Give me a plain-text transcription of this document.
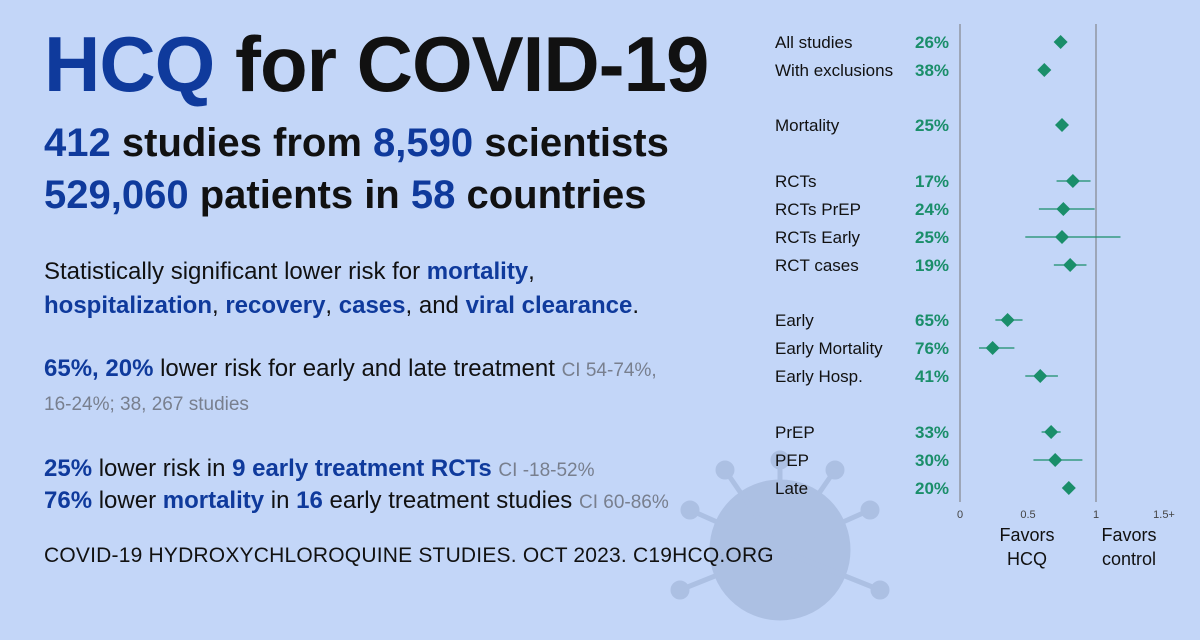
HCQ for COVID-19
412 studies from 8,590 scientists
529,060 patients in 58 countries
Statistically significant lower risk for mortality,
hospitalization, recovery, cases, and viral clearance.
65%, 20% lower risk for early and late treatment CI 54-74%,
16-24%; 38, 267 studies
25% lower risk in 9 early treatment RCTs CI -18-52%
76% lower mortality in 16 early treatment studies CI 60-86%
COVID-19 HYDROXYCHLOROQUINE STUDIES. OCT 2023. C19HCQ.ORG
All studies	26%
With exclusions 38%
Mortality	25%
RCTs	17%
RCTs PrEP	24%
RCTs Early	25%
RCT cases	19%
Early	65%
Early Mortality 76%
Early Hosp.	41%
PrEP	33%
PEP	30%
Late	20%
0	0.5	1	1.5+
Favors
HCQ
Favors
control
